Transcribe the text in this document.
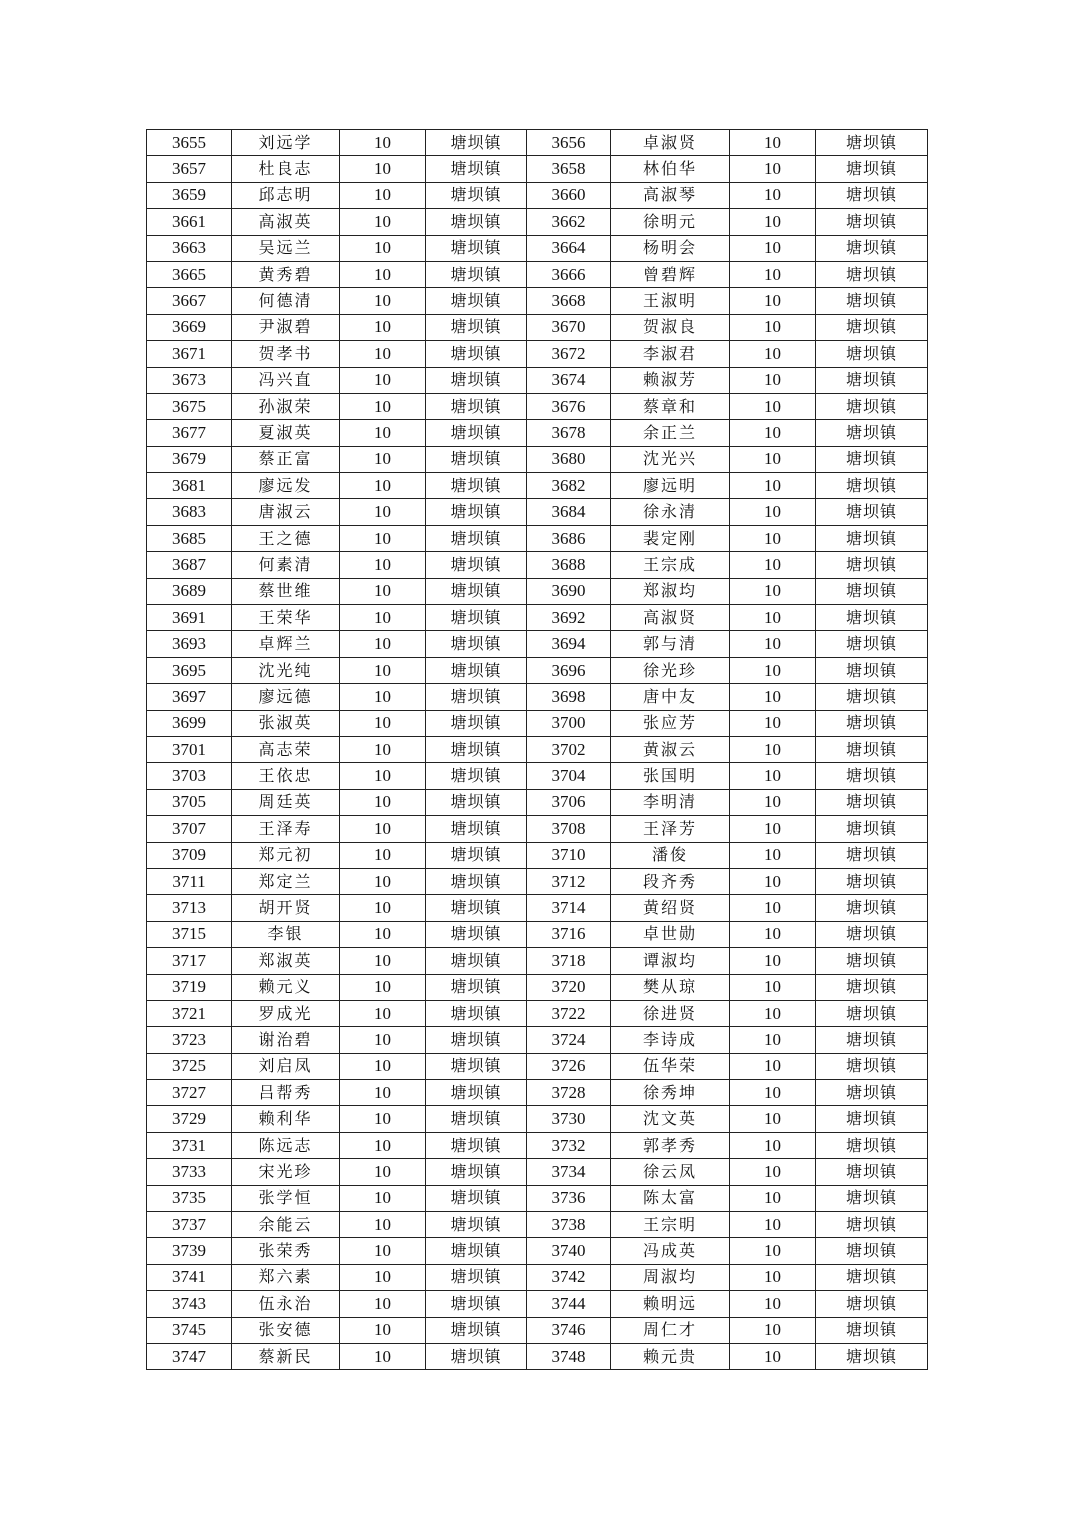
3655	刘远学	10	塘坝镇	3656	卓淑贤	10	塘坝镇
3657	杜良志	10	塘坝镇	3658	林伯华	10	塘坝镇
3659	邱志明	10	塘坝镇	3660	高淑琴	10	塘坝镇
3661	高淑英	10	塘坝镇	3662	徐明元	10	塘坝镇
3663	吴远兰	10	塘坝镇	3664	杨明会	10	塘坝镇
3665	黄秀碧	10	塘坝镇	3666	曾碧辉	10	塘坝镇
3667	何德清	10	塘坝镇	3668	王淑明	10	塘坝镇
3669	尹淑碧	10	塘坝镇	3670	贺淑良	10	塘坝镇
3671	贺孝书	10	塘坝镇	3672	李淑君	10	塘坝镇
3673	冯兴直	10	塘坝镇	3674	赖淑芳	10	塘坝镇
3675	孙淑荣	10	塘坝镇	3676	蔡章和	10	塘坝镇
3677	夏淑英	10	塘坝镇	3678	余正兰	10	塘坝镇
3679	蔡正富	10	塘坝镇	3680	沈光兴	10	塘坝镇
3681	廖远发	10	塘坝镇	3682	廖远明	10	塘坝镇
3683	唐淑云	10	塘坝镇	3684	徐永清	10	塘坝镇
3685	王之德	10	塘坝镇	3686	裴定刚	10	塘坝镇
3687	何素清	10	塘坝镇	3688	王宗成	10	塘坝镇
3689	蔡世维	10	塘坝镇	3690	郑淑均	10	塘坝镇
3691	王荣华	10	塘坝镇	3692	高淑贤	10	塘坝镇
3693	卓辉兰	10	塘坝镇	3694	郭与清	10	塘坝镇
3695	沈光纯	10	塘坝镇	3696	徐光珍	10	塘坝镇
3697	廖远德	10	塘坝镇	3698	唐中友	10	塘坝镇
3699	张淑英	10	塘坝镇	3700	张应芳	10	塘坝镇
3701	高志荣	10	塘坝镇	3702	黄淑云	10	塘坝镇
3703	王依忠	10	塘坝镇	3704	张国明	10	塘坝镇
3705	周廷英	10	塘坝镇	3706	李明清	10	塘坝镇
3707	王泽寿	10	塘坝镇	3708	王泽芳	10	塘坝镇
3709	郑元初	10	塘坝镇	3710	潘俊	10	塘坝镇
3711	郑定兰	10	塘坝镇	3712	段齐秀	10	塘坝镇
3713	胡开贤	10	塘坝镇	3714	黄绍贤	10	塘坝镇
3715	李银	10	塘坝镇	3716	卓世勋	10	塘坝镇
3717	郑淑英	10	塘坝镇	3718	谭淑均	10	塘坝镇
3719	赖元义	10	塘坝镇	3720	樊从琼	10	塘坝镇
3721	罗成光	10	塘坝镇	3722	徐进贤	10	塘坝镇
3723	谢治碧	10	塘坝镇	3724	李诗成	10	塘坝镇
3725	刘启凤	10	塘坝镇	3726	伍华荣	10	塘坝镇
3727	吕帮秀	10	塘坝镇	3728	徐秀坤	10	塘坝镇
3729	赖利华	10	塘坝镇	3730	沈文英	10	塘坝镇
3731	陈远志	10	塘坝镇	3732	郭孝秀	10	塘坝镇
3733	宋光珍	10	塘坝镇	3734	徐云凤	10	塘坝镇
3735	张学恒	10	塘坝镇	3736	陈太富	10	塘坝镇
3737	余能云	10	塘坝镇	3738	王宗明	10	塘坝镇
3739	张荣秀	10	塘坝镇	3740	冯成英	10	塘坝镇
3741	郑六素	10	塘坝镇	3742	周淑均	10	塘坝镇
3743	伍永治	10	塘坝镇	3744	赖明远	10	塘坝镇
3745	张安德	10	塘坝镇	3746	周仁才	10	塘坝镇
3747	蔡新民	10	塘坝镇	3748	赖元贵	10	塘坝镇
